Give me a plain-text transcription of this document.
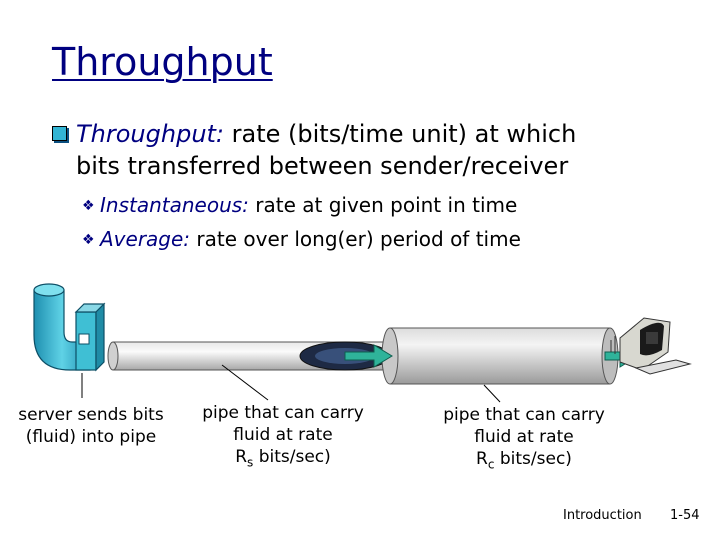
Throughput
Throughput: rate (bits/time unit) at which
bits transferred between sender/receiver
❖ Instantaneous: rate at given point in time
❖ Average: rate over long(er) period of time
server sends bits
(fluid) into pipe
pipe that can carry
fluid at rate
$R_s$ bits/sec)
pipe that can carry
fluid at rate
$R_c$ bits/sec)
Introduction 1-54
